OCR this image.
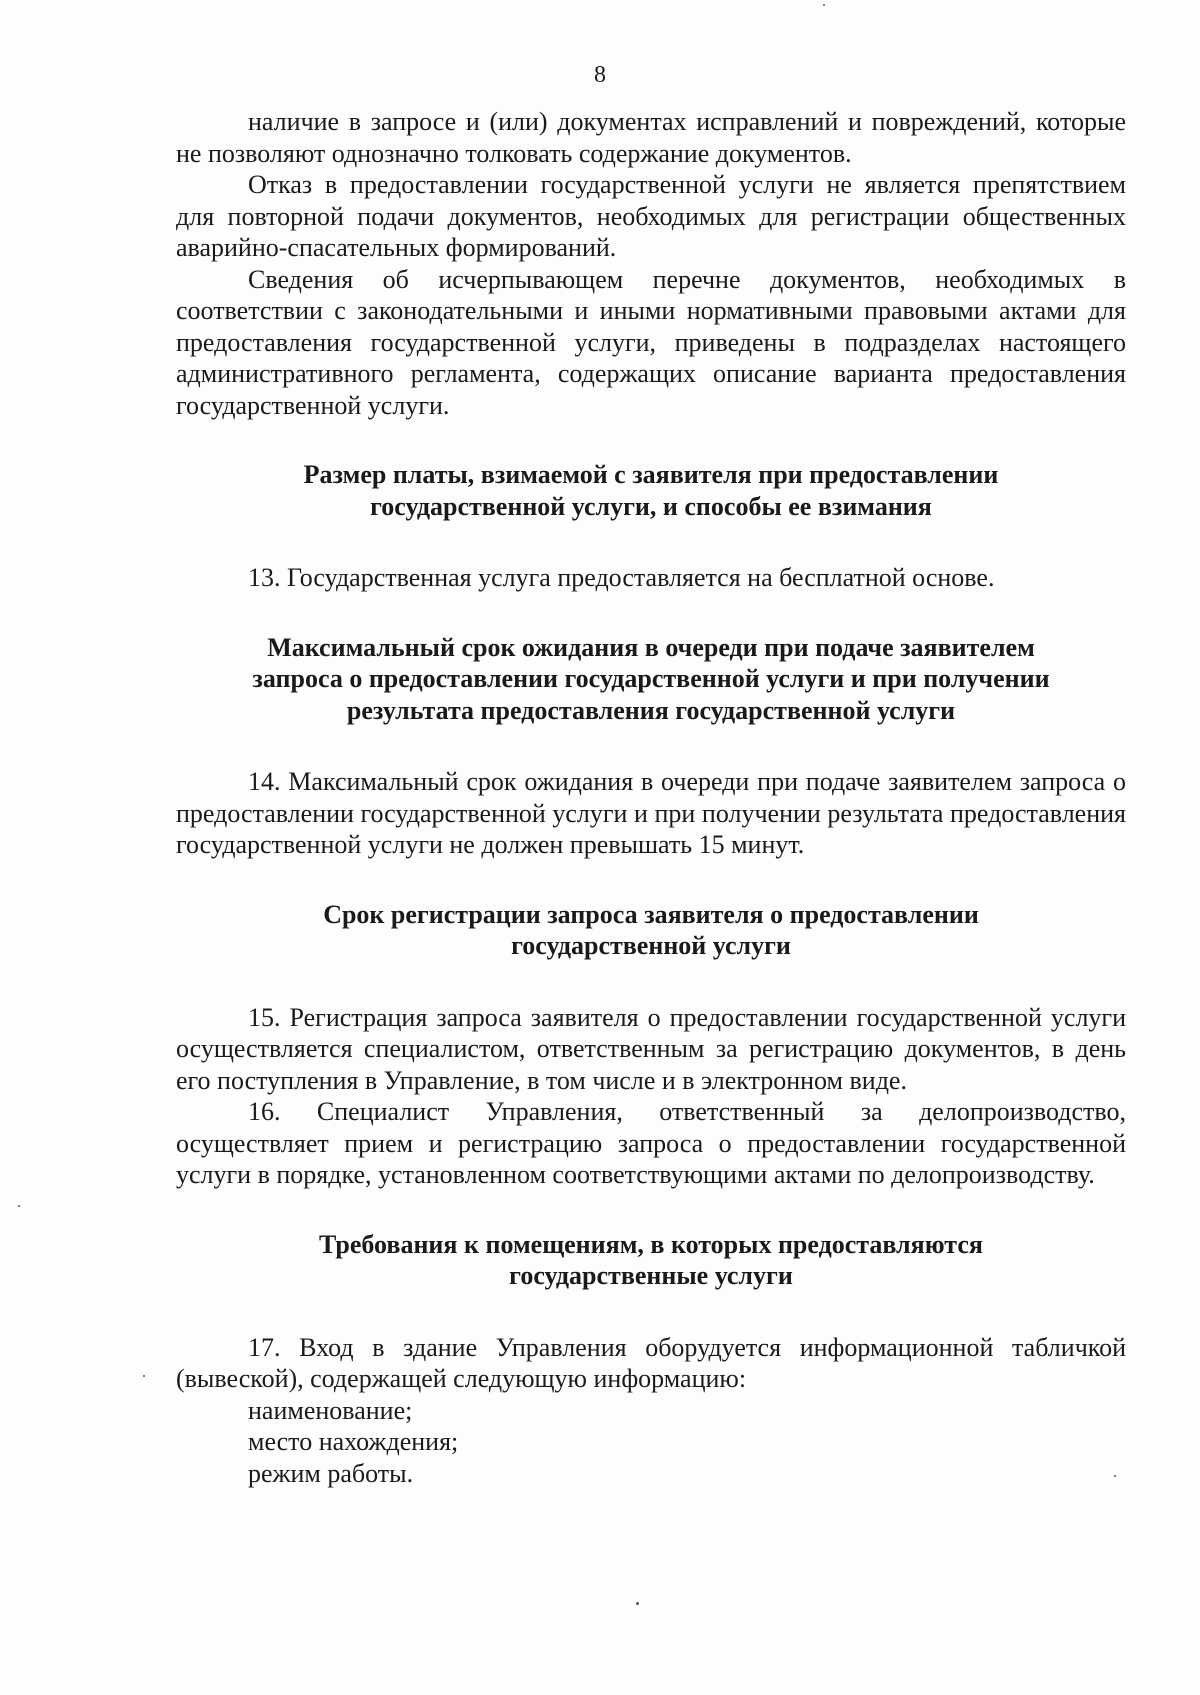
8

наличие в запросе и (или) документах исправлений и повреждений, которые не позволяют однозначно толковать содержание документов.

Отказ в предоставлении государственной услуги не является препятствием для повторной подачи документов, необходимых для регистрации общественных аварийно-спасательных формирований.

Сведения об исчерпывающем перечне документов, необходимых в соответствии с законодательными и иными нормативными правовыми актами для предоставления государственной услуги, приведены в подразделах настоящего административного регламента, содержащих описание варианта предоставления государственной услуги.

Размер платы, взимаемой с заявителя при предоставлении

государственной услуги, и способы ее взимания

13. Государственная услуга предоставляется на бесплатной основе.

Максимальный срок ожидания в очереди при подаче заявителем

запроса о предоставлении государственной услуги и при получении

результата предоставления государственной услуги

14. Максимальный срок ожидания в очереди при подаче заявителем запроса о предоставлении государственной услуги и при получении результата предоставления государственной услуги не должен превышать 15 минут.

Срок регистрации запроса заявителя о предоставлении

государственной услуги

15. Регистрация запроса заявителя о предоставлении государственной услуги осуществляется специалистом, ответственным за регистрацию документов, в день его поступления в Управление, в том числе и в электронном виде.

16. Специалист Управления, ответственный за делопроизводство, осуществляет прием и регистрацию запроса о предоставлении государственной услуги в порядке, установленном соответствующими актами по делопроизводству.

Требования к помещениям, в которых предоставляются

государственные услуги

17. Вход в здание Управления оборудуется информационной табличкой (вывеской), содержащей следующую информацию:

наименование;

место нахождения;

режим работы.
